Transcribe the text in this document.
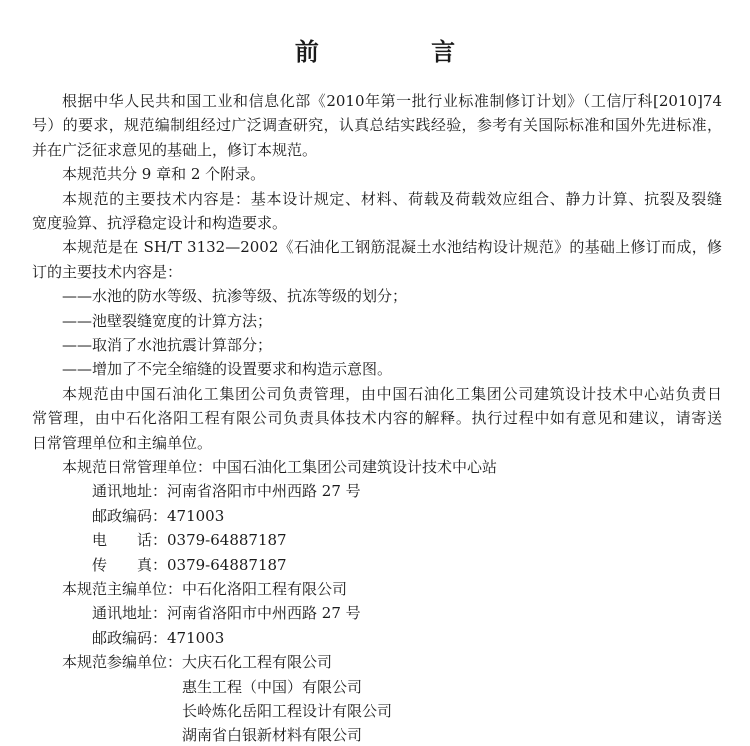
前 言
根据中华人民共和国工业和信息化部《2010年第一批行业标准制修订计划》（工信厅科[2010]74
号）的要求，规范编制组经过广泛调查研究，认真总结实践经验，参考有关国际标准和国外先进标准，
并在广泛征求意见的基础上，修订本规范。
本规范共分 9 章和 2 个附录。
本规范的主要技术内容是：基本设计规定、材料、荷载及荷载效应组合、静力计算、抗裂及裂缝
宽度验算、抗浮稳定设计和构造要求。
本规范是在 SH/T 3132—2002《石油化工钢筋混凝土水池结构设计规范》的基础上修订而成，修
订的主要技术内容是：
——水池的防水等级、抗渗等级、抗冻等级的划分；
——池壁裂缝宽度的计算方法；
——取消了水池抗震计算部分；
——增加了不完全缩缝的设置要求和构造示意图。
本规范由中国石油化工集团公司负责管理，由中国石油化工集团公司建筑设计技术中心站负责日
常管理，由中石化洛阳工程有限公司负责具体技术内容的解释。执行过程中如有意见和建议，请寄送
日常管理单位和主编单位。
本规范日常管理单位：中国石油化工集团公司建筑设计技术中心站
通讯地址：河南省洛阳市中州西路 27 号
邮政编码：471003
电　　话：0379-64887187
传　　真：0379-64887187
本规范主编单位：中石化洛阳工程有限公司
通讯地址：河南省洛阳市中州西路 27 号
邮政编码：471003
本规范参编单位：大庆石化工程有限公司
惠生工程（中国）有限公司
长岭炼化岳阳工程设计有限公司
湖南省白银新材料有限公司
